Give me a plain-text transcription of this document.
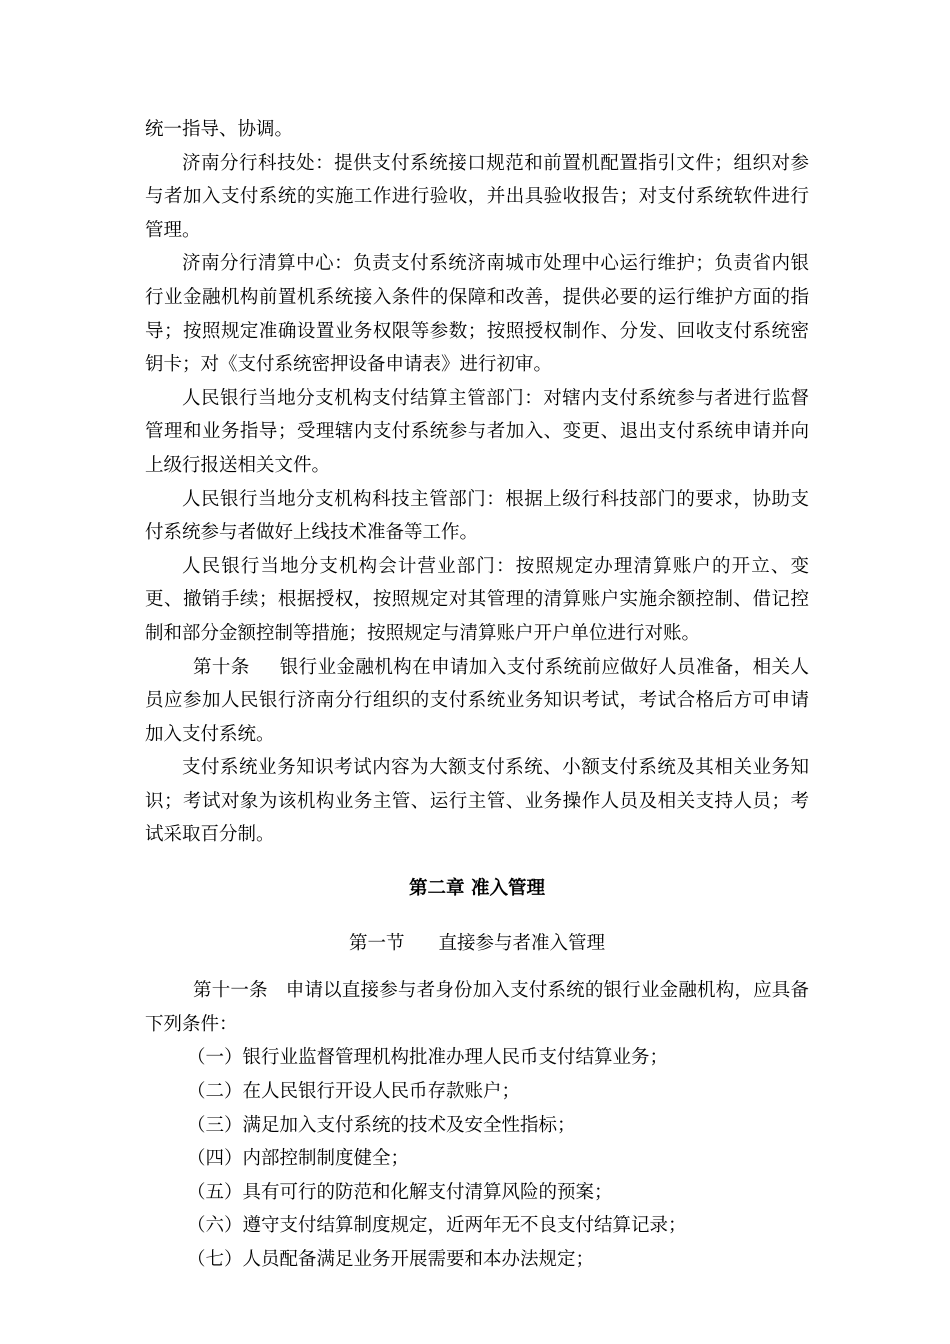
统一指导、协调。

济南分行科技处：提供支付系统接口规范和前置机配置指引文件；组织对参与者加入支付系统的实施工作进行验收，并出具验收报告；对支付系统软件进行管理。

济南分行清算中心：负责支付系统济南城市处理中心运行维护；负责省内银行业金融机构前置机系统接入条件的保障和改善，提供必要的运行维护方面的指导；按照规定准确设置业务权限等参数；按照授权制作、分发、回收支付系统密钥卡；对《支付系统密押设备申请表》进行初审。

人民银行当地分支机构支付结算主管部门：对辖内支付系统参与者进行监督管理和业务指导；受理辖内支付系统参与者加入、变更、退出支付系统申请并向上级行报送相关文件。

人民银行当地分支机构科技主管部门：根据上级行科技部门的要求，协助支付系统参与者做好上线技术准备等工作。

人民银行当地分支机构会计营业部门：按照规定办理清算账户的开立、变更、撤销手续；根据授权，按照规定对其管理的清算账户实施余额控制、借记控制和部分金额控制等措施；按照规定与清算账户开户单位进行对账。

第十条 银行业金融机构在申请加入支付系统前应做好人员准备，相关人员应参加人民银行济南分行组织的支付系统业务知识考试，考试合格后方可申请加入支付系统。

支付系统业务知识考试内容为大额支付系统、小额支付系统及其相关业务知识；考试对象为该机构业务主管、运行主管、业务操作人员及相关支持人员；考试采取百分制。

第二章 准入管理
第一节 直接参与者准入管理

第十一条 申请以直接参与者身份加入支付系统的银行业金融机构，应具备下列条件：

（一）银行业监督管理机构批准办理人民币支付结算业务；

（二）在人民银行开设人民币存款账户；

（三）满足加入支付系统的技术及安全性指标；

（四）内部控制制度健全；

（五）具有可行的防范和化解支付清算风险的预案；

（六）遵守支付结算制度规定，近两年无不良支付结算记录；

（七）人员配备满足业务开展需要和本办法规定；
